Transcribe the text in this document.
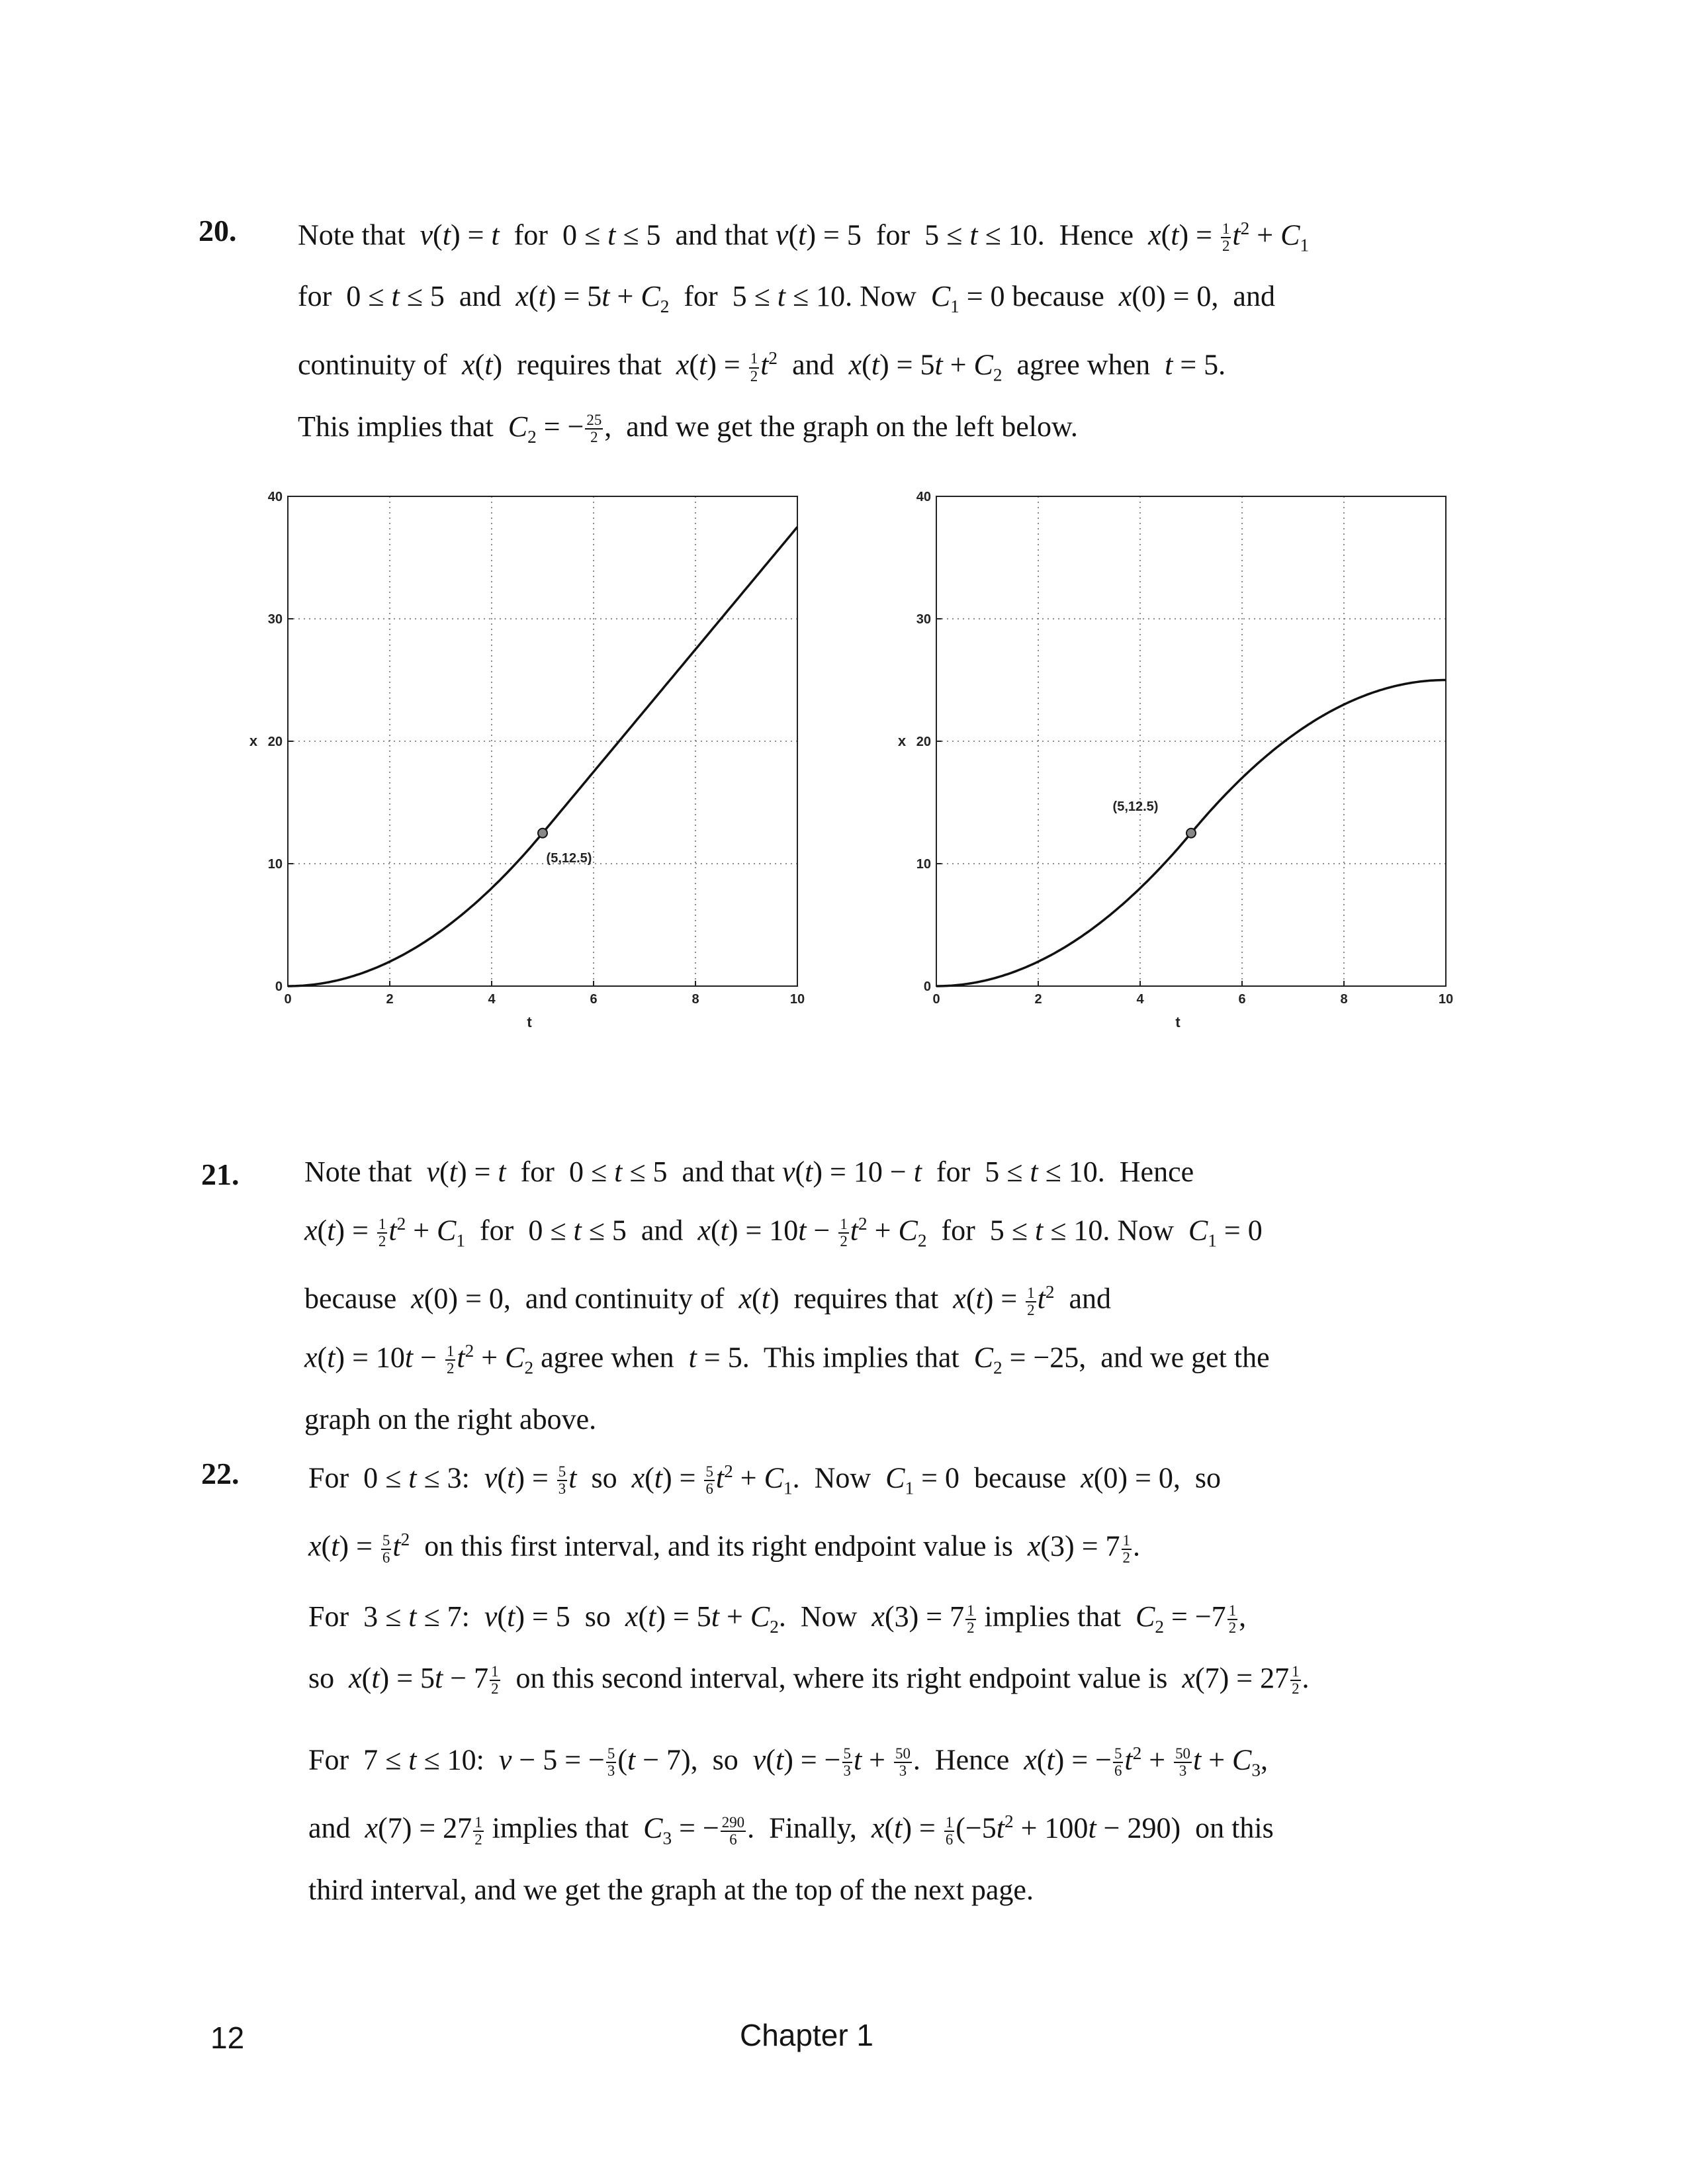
20. Note that  v(t) = t  for  0 ≤ t ≤ 5  and that v(t) = 5  for  5 ≤ t ≤ 10.  Hence  $x(t) = \frac{1}{2} t^2 + C_1$
for  0 ≤ t ≤ 5  and  $x(t) = 5t + C_2$  for  5 ≤ t ≤ 10. Now  $C_1 = 0$ because  x(0) = 0,  and
continuity of  x(t)  requires that  $x(t) = \frac{1}{2} t^2$  and  $x(t) = 5t + C_2$  agree when  t = 5.
This implies that  $C_2$ = − $\frac{25}{2}$ ,  and we get the graph on the left below.
0	2	4	6	8	10
0
10
20
30
40
t
x
(5,12.5)
0	2	4	6	8	10
0
10
20
30
40
t
x
(5,12.5)
21. Note that  v(t) = t  for  0 ≤ t ≤ 5  and that v(t) = 10 − t  for  5 ≤ t ≤ 10.  Hence
$x(t) = \frac{1}{2} t^2 + C_1$  for  0 ≤ t ≤ 5  and  $x(t) = 10t - \frac{1}{2} t^2 + C_2$  for  5 ≤ t ≤ 10. Now  $C_1 = 0$
because  x(0) = 0,  and continuity of  x(t)  requires that  $x(t) = \frac{1}{2} t^2$  and
$x(t) = 10t - \frac{1}{2} t^2 + C_2$ agree when  t = 5.  This implies that  $C_2 = -25$,  and we get the
graph on the right above.
22. For  0 ≤ t ≤ 3:  $v(t) = \frac{5}{3}$ t  so  $x(t) = \frac{5}{6} t^2 + C_1$.  Now  $C_1 = 0$  because  x(0) = 0,  so
$x(t) = \frac{5}{6} t^2$  on this first interval, and its right endpoint value is  $x(3) = 7 \frac{1}{2}$ .
For  3 ≤ t ≤ 7:  v(t) = 5  so  $x(t) = 5t + C_2$.  Now  $x(3) = 7 \frac{1}{2}$ implies that  $C_2 = -7 \frac{1}{2}$ ,
so  $x(t) = 5t - 7 \frac{1}{2}$ on this second interval, where its right endpoint value is  $x(7) = 27 \frac{1}{2}$ .
For  7 ≤ t ≤ 10:  v − 5 = − $\frac{5}{3} (t - 7)$,  so  v(t) = − $\frac{5}{3}$ $t + \frac{50}{3}$ .  Hence  x(t) = − $\frac{5}{6} t^2 + \frac{50}{3}$ $t + C_3$,
and  $x(7) = 27 \frac{1}{2}$ implies that  $C_3$ = − $\frac{290}{6}$ .  Finally,  $x(t) = \frac{1}{6} (-5t^2 + 100t - 290)$  on this
third interval, and we get the graph at the top of the next page.
12	Chapter 1
